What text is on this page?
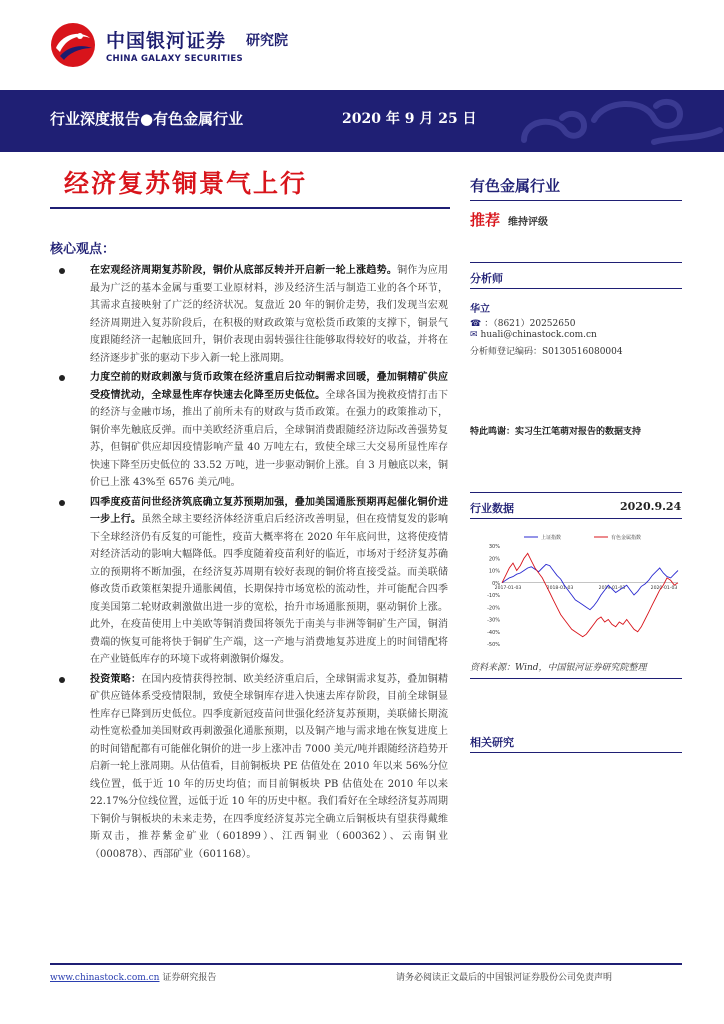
中国银河证券 研究院
CHINA GALAXY SECURITIES
行业深度报告●有色金属行业	2020 年 9 月 25 日
经济复苏铜景气上行
核心观点：
在宏观经济周期复苏阶段，铜价从底部反转并开启新一轮上涨趋势。铜作为应用最为广泛的基本金属与重要工业原材料，涉及经济生活与制造工业的各个环节，其需求直接映射了广泛的经济状况。复盘近 20 年的铜价走势，我们发现当宏观经济周期进入复苏阶段后，在积极的财政政策与宽松货币政策的支撑下，铜景气度跟随经济一起触底回升，铜价表现由弱转强往往能够取得较好的收益，并将在经济逐步扩张的驱动下步入新一轮上涨周期。
力度空前的财政刺激与货币政策在经济重启后拉动铜需求回暖，叠加铜精矿供应受疫情扰动，全球显性库存快速去化降至历史低位。全球各国为挽救疫情打击下的经济与金融市场，推出了前所未有的财政与货币政策。在强力的政策推动下，铜价率先触底反弹。而中美欧经济重启后，全球铜消费跟随经济边际改善强势复苏，但铜矿供应却因疫情影响产量 40 万吨左右，致使全球三大交易所显性库存快速下降至历史低位的 33.52 万吨，进一步驱动铜价上涨。自 3 月触底以来，铜价已上涨 43%至 6576 美元/吨。
四季度疫苗问世经济筑底确立复苏预期加强，叠加美国通胀预期再起催化铜价进一步上行。虽然全球主要经济体经济重启后经济改善明显，但在疫情复发的影响下全球经济仍有反复的可能性，疫苗大概率将在 2020 年年底问世，这将使疫情对经济活动的影响大幅降低。四季度随着疫苗利好的临近，市场对于经济复苏确立的预期将不断加强，在经济复苏周期有较好表现的铜价将直接受益。而美联储修改货币政策框架提升通胀阈值，长期保持市场宽松的流动性，并可能配合四季度美国第二轮财政刺激做出进一步的宽松，抬升市场通胀预期，驱动铜价上涨。此外，在疫苗使用上中美欧等铜消费国将领先于南美与非洲等铜矿生产国，铜消费端的恢复可能将快于铜矿生产端，这一产地与消费地复苏进度上的时间错配将在产业链低库存的环境下或将刺激铜价爆发。
投资策略：在国内疫情获得控制、欧美经济重启后，全球铜需求复苏，叠加铜精矿供应链体系受疫情限制，致使全球铜库存进入快速去库存阶段，目前全球铜显性库存已降到历史低位。四季度新冠疫苗问世强化经济复苏预期，美联储长期流动性宽松叠加美国财政再刺激强化通胀预期，以及铜产地与需求地在恢复进度上的时间错配都有可能催化铜价的进一步上涨冲击 7000 美元/吨并跟随经济趋势开启新一轮上涨周期。从估值看，目前铜板块 PE 估值处在 2010 年以来 56%分位线位置，低于近 10 年的历史均值；而目前铜板块 PB 估值处在 2010 年以来 22.17%分位线位置，远低于近 10 年的历史中枢。我们看好在全球经济复苏周期下铜价与铜板块的未来走势，在四季度经济复苏完全确立后铜板块有望获得戴维斯双击，推荐紫金矿业（601899）、江西铜业（600362）、云南铜业（000878）、西部矿业（601168）。
有色金属行业
推荐 维持评级
分析师
华立
☎ ：（8621）20252650
✉ huali@chinastock.com.cn
分析师登记编码：S0130516080004
特此鸣谢：实习生江笔萌对报告的数据支持
行业数据	2020.9.24
30%
20%
10%
0%
-10%
-20%
-30%
-40%
-50%
2017-01-03	2018-01-03	2019-01-03	2020-01-03
上证指数	有色金属指数
资料来源：Wind，中国银河证券研究院整理
相关研究
www.chinastock.com.cn 证券研究报告	请务必阅读正文最后的中国银河证券股份公司免责声明
